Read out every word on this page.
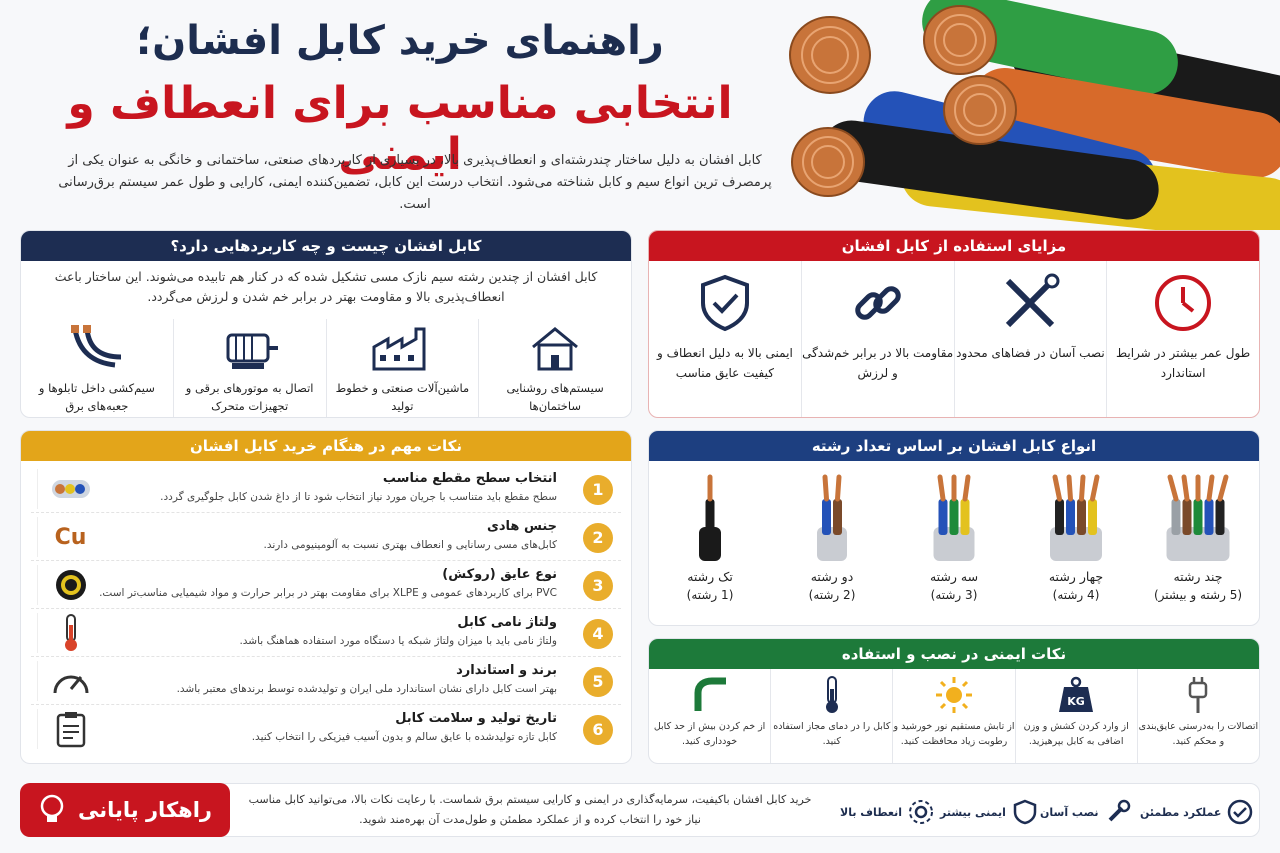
راهنمای خرید کابل افشان؛
انتخابی مناسب برای انعطاف و ایمنی
کابل افشان به دلیل ساختار چندرشته‌ای و انعطاف‌پذیری بالا، در بسیاری از کاربردهای صنعتی، ساختمانی و خانگی به عنوان یکی از پرمصرف ترین انواع سیم و کابل شناخته می‌شود. انتخاب درست این کابل، تضمین‌کننده ایمنی، کارایی و طول عمر سیستم برق‌رسانی است.
کابل افشان چیست و چه کاربردهایی دارد؟
کابل افشان از چندین رشته سیم نازک مسی تشکیل شده که در کنار هم تابیده می‌شوند. این ساختار باعث انعطاف‌پذیری بالا و مقاومت بهتر در برابر خم شدن و لرزش می‌گردد.
سیستم‌های روشنایی ساختمان‌ها
ماشین‌آلات صنعتی و خطوط تولید
اتصال به موتورهای برقی و تجهیزات متحرک
سیم‌کشی داخل تابلوها و جعبه‌های برق
مزایای استفاده از کابل افشان
طول عمر بیشتر در شرایط استاندارد
نصب آسان در فضاهای محدود
مقاومت بالا در برابر خم‌شدگی و لرزش
ایمنی بالا به دلیل انعطاف و کیفیت عایق مناسب
نکات مهم در هنگام خرید کابل افشان
1
انتخاب سطح مقطع مناسب
سطح مقطع باید متناسب با جریان مورد نیاز انتخاب شود تا از داغ شدن کابل جلوگیری گردد.
2
جنس هادی
کابل‌های مسی رسانایی و انعطاف بهتری نسبت به آلومینیومی دارند.
Cu
3
نوع عایق (روکش)
PVC برای کاربردهای عمومی و XLPE برای مقاومت بهتر در برابر حرارت و مواد شیمیایی مناسب‌تر است.
4
ولتاژ نامی کابل
ولتاژ نامی باید با میزان ولتاژ شبکه یا دستگاه مورد استفاده هماهنگ باشد.
5
برند و استاندارد
بهتر است کابل دارای نشان استاندارد ملی ایران و تولیدشده توسط برندهای معتبر باشد.
6
تاریخ تولید و سلامت کابل
کابل تازه تولیدشده با عایق سالم و بدون آسیب فیزیکی را انتخاب کنید.
انواع کابل افشان بر اساس تعداد رشته
چند رشته
(5 رشته و بیشتر)
چهار رشته
(4 رشته)
سه رشته
(3 رشته)
دو رشته
(2 رشته)
تک رشته
(1 رشته)
نکات ایمنی در نصب و استفاده
اتصالات را به‌درستی عایق‌بندی و محکم کنید.
KG
از وارد کردن کشش و وزن اضافی به کابل بپرهیزید.
از تابش مستقیم نور خورشید و رطوبت زیاد محافظت کنید.
کابل را در دمای مجاز استفاده کنید.
از خم کردن بیش از حد کابل خودداری کنید.
راهکار پایانی	خرید کابل افشان باکیفیت، سرمایه‌گذاری در ایمنی و کارایی سیستم برق شماست. با رعایت نکات بالا، می‌توانید کابل مناسب نیاز خود را انتخاب کرده و از عملکرد مطمئن و طول‌مدت آن بهره‌مند شوید.
عملکرد مطمئن
نصب آسان
ایمنی بیشتر
انعطاف بالا
